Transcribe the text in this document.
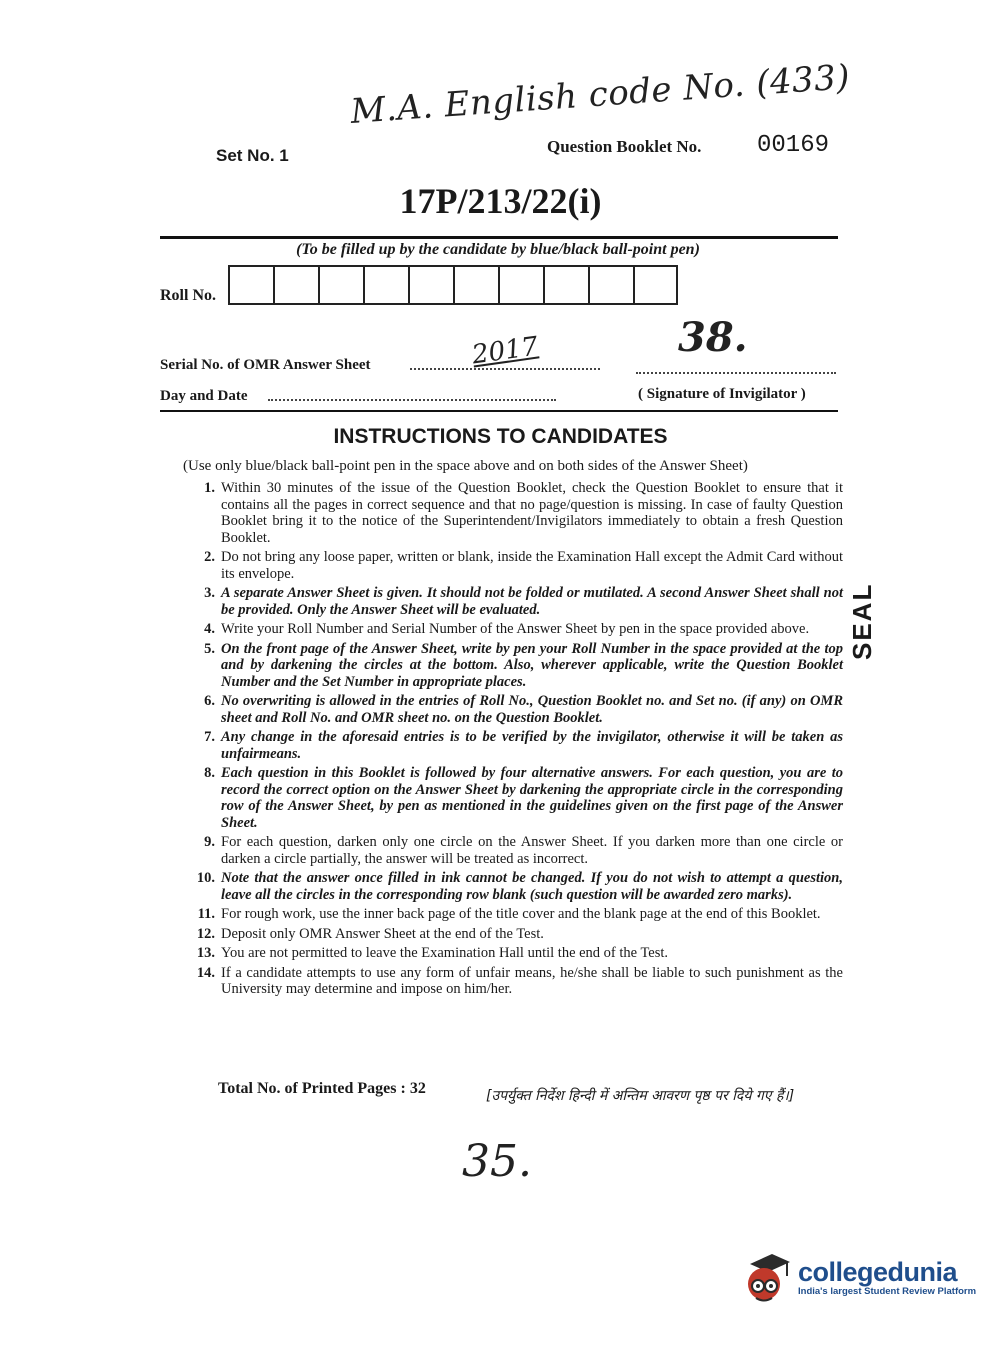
M.A. English code No. (433)
Set No. 1	Question Booklet No. 00169
17P/213/22(i)
(To be filled up by the candidate by blue/black ball-point pen)
Roll No.
Serial No. of OMR Answer Sheet	2017	38.
Day and Date	( Signature of Invigilator )
INSTRUCTIONS TO CANDIDATES
(Use only blue/black ball-point pen in the space above and on both sides of the Answer Sheet)
1. Within 30 minutes of the issue of the Question Booklet, check the Question Booklet to ensure that it contains all the pages in correct sequence and that no page/question is missing. In case of faulty Question Booklet bring it to the notice of the Superintendent/Invigilators immediately to obtain a fresh Question Booklet.
2. Do not bring any loose paper, written or blank, inside the Examination Hall except the Admit Card without its envelope.
3. A separate Answer Sheet is given. It should not be folded or mutilated. A second Answer Sheet shall not be provided. Only the Answer Sheet will be evaluated.
4. Write your Roll Number and Serial Number of the Answer Sheet by pen in the space provided above.
5. On the front page of the Answer Sheet, write by pen your Roll Number in the space provided at the top and by darkening the circles at the bottom. Also, wherever applicable, write the Question Booklet Number and the Set Number in appropriate places.
6. No overwriting is allowed in the entries of Roll No., Question Booklet no. and Set no. (if any) on OMR sheet and Roll No. and OMR sheet no. on the Question Booklet.
7. Any change in the aforesaid entries is to be verified by the invigilator, otherwise it will be taken as unfairmeans.
8. Each question in this Booklet is followed by four alternative answers. For each question, you are to record the correct option on the Answer Sheet by darkening the appropriate circle in the corresponding row of the Answer Sheet, by pen as mentioned in the guidelines given on the first page of the Answer Sheet.
9. For each question, darken only one circle on the Answer Sheet. If you darken more than one circle or darken a circle partially, the answer will be treated as incorrect.
10. Note that the answer once filled in ink cannot be changed. If you do not wish to attempt a question, leave all the circles in the corresponding row blank (such question will be awarded zero marks).
11. For rough work, use the inner back page of the title cover and the blank page at the end of this Booklet.
12. Deposit only OMR Answer Sheet at the end of the Test.
13. You are not permitted to leave the Examination Hall until the end of the Test.
14. If a candidate attempts to use any form of unfair means, he/she shall be liable to such punishment as the University may determine and impose on him/her.
SEAL
Total No. of Printed Pages : 32	[उपर्युक्त निर्देश हिन्दी में अन्तिम आवरण पृष्ठ पर दिये गए हैं।]
35.
collegedunia
India's largest Student Review Platform
